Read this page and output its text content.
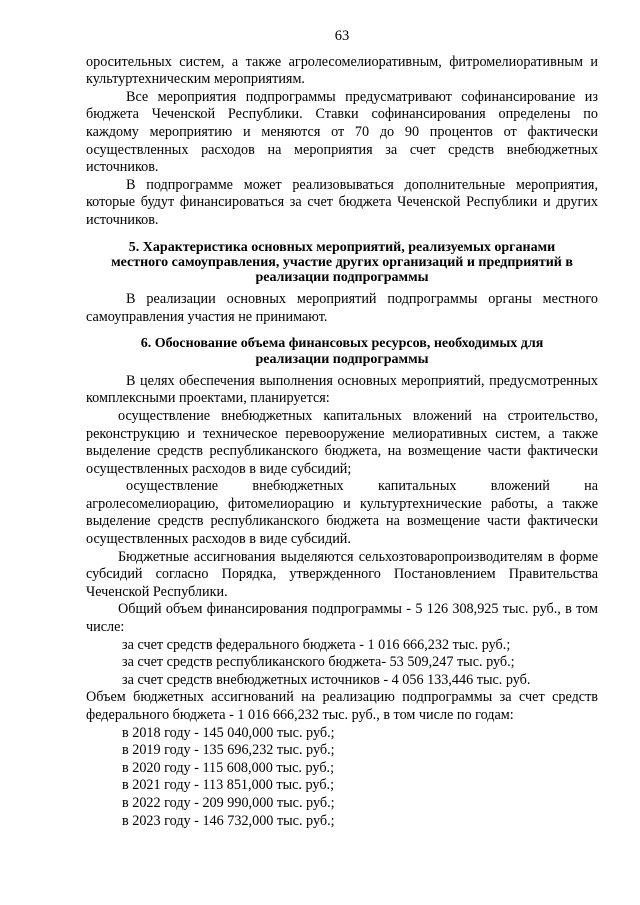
63

оросительных систем, а также агролесомелиоративным, фитромелиоративным и культуртехническим мероприятиям.

Все мероприятия подпрограммы предусматривают софинансирование из бюджета Чеченской Республики. Ставки софинансирования определены по каждому мероприятию и меняются от 70 до 90 процентов от фактически осуществленных расходов на мероприятия за счет средств внебюджетных источников.

В подпрограмме может реализовываться дополнительные мероприятия, которые будут финансироваться за счет бюджета Чеченской Республики и других источников.

5. Характеристика основных мероприятий, реализуемых органами
местного самоуправления, участие других организаций и предприятий в
реализации подпрограммы

В реализации основных мероприятий подпрограммы органы местного самоуправления участия не принимают.

6. Обоснование объема финансовых ресурсов, необходимых для
реализации подпрограммы

В целях обеспечения выполнения основных мероприятий, предусмотренных комплексными проектами, планируется:

осуществление внебюджетных капитальных вложений на строительство, реконструкцию и техническое перевооружение мелиоративных систем, а также выделение средств республиканского бюджета, на возмещение части фактически осуществленных расходов в виде субсидий;

осуществление внебюджетных капитальных вложений на агролесомелиорацию, фитомелиорацию и культуртехнические работы, а также выделение средств республиканского бюджета на возмещение части фактически осуществленных расходов в виде субсидий.

Бюджетные ассигнования выделяются сельхозтоваропроизводителям в форме субсидий согласно Порядка, утвержденного Постановлением Правительства Чеченской Республики.

Общий объем финансирования подпрограммы - 5 126 308,925 тыс. руб., в том числе:

за счет средств федерального бюджета - 1 016 666,232 тыс. руб.;

за счет средств республиканского бюджета- 53 509,247 тыс. руб.;

за счет средств внебюджетных источников - 4 056 133,446 тыс. руб.

Объем бюджетных ассигнований на реализацию подпрограммы за счет средств федерального бюджета - 1 016 666,232 тыс. руб., в том числе по годам:

в 2018 году - 145 040,000 тыс. руб.;

в 2019 году - 135 696,232 тыс. руб.;

в 2020 году - 115 608,000 тыс. руб.;

в 2021 году - 113 851,000 тыс. руб.;

в 2022 году - 209 990,000 тыс. руб.;

в 2023 году - 146 732,000 тыс. руб.;
